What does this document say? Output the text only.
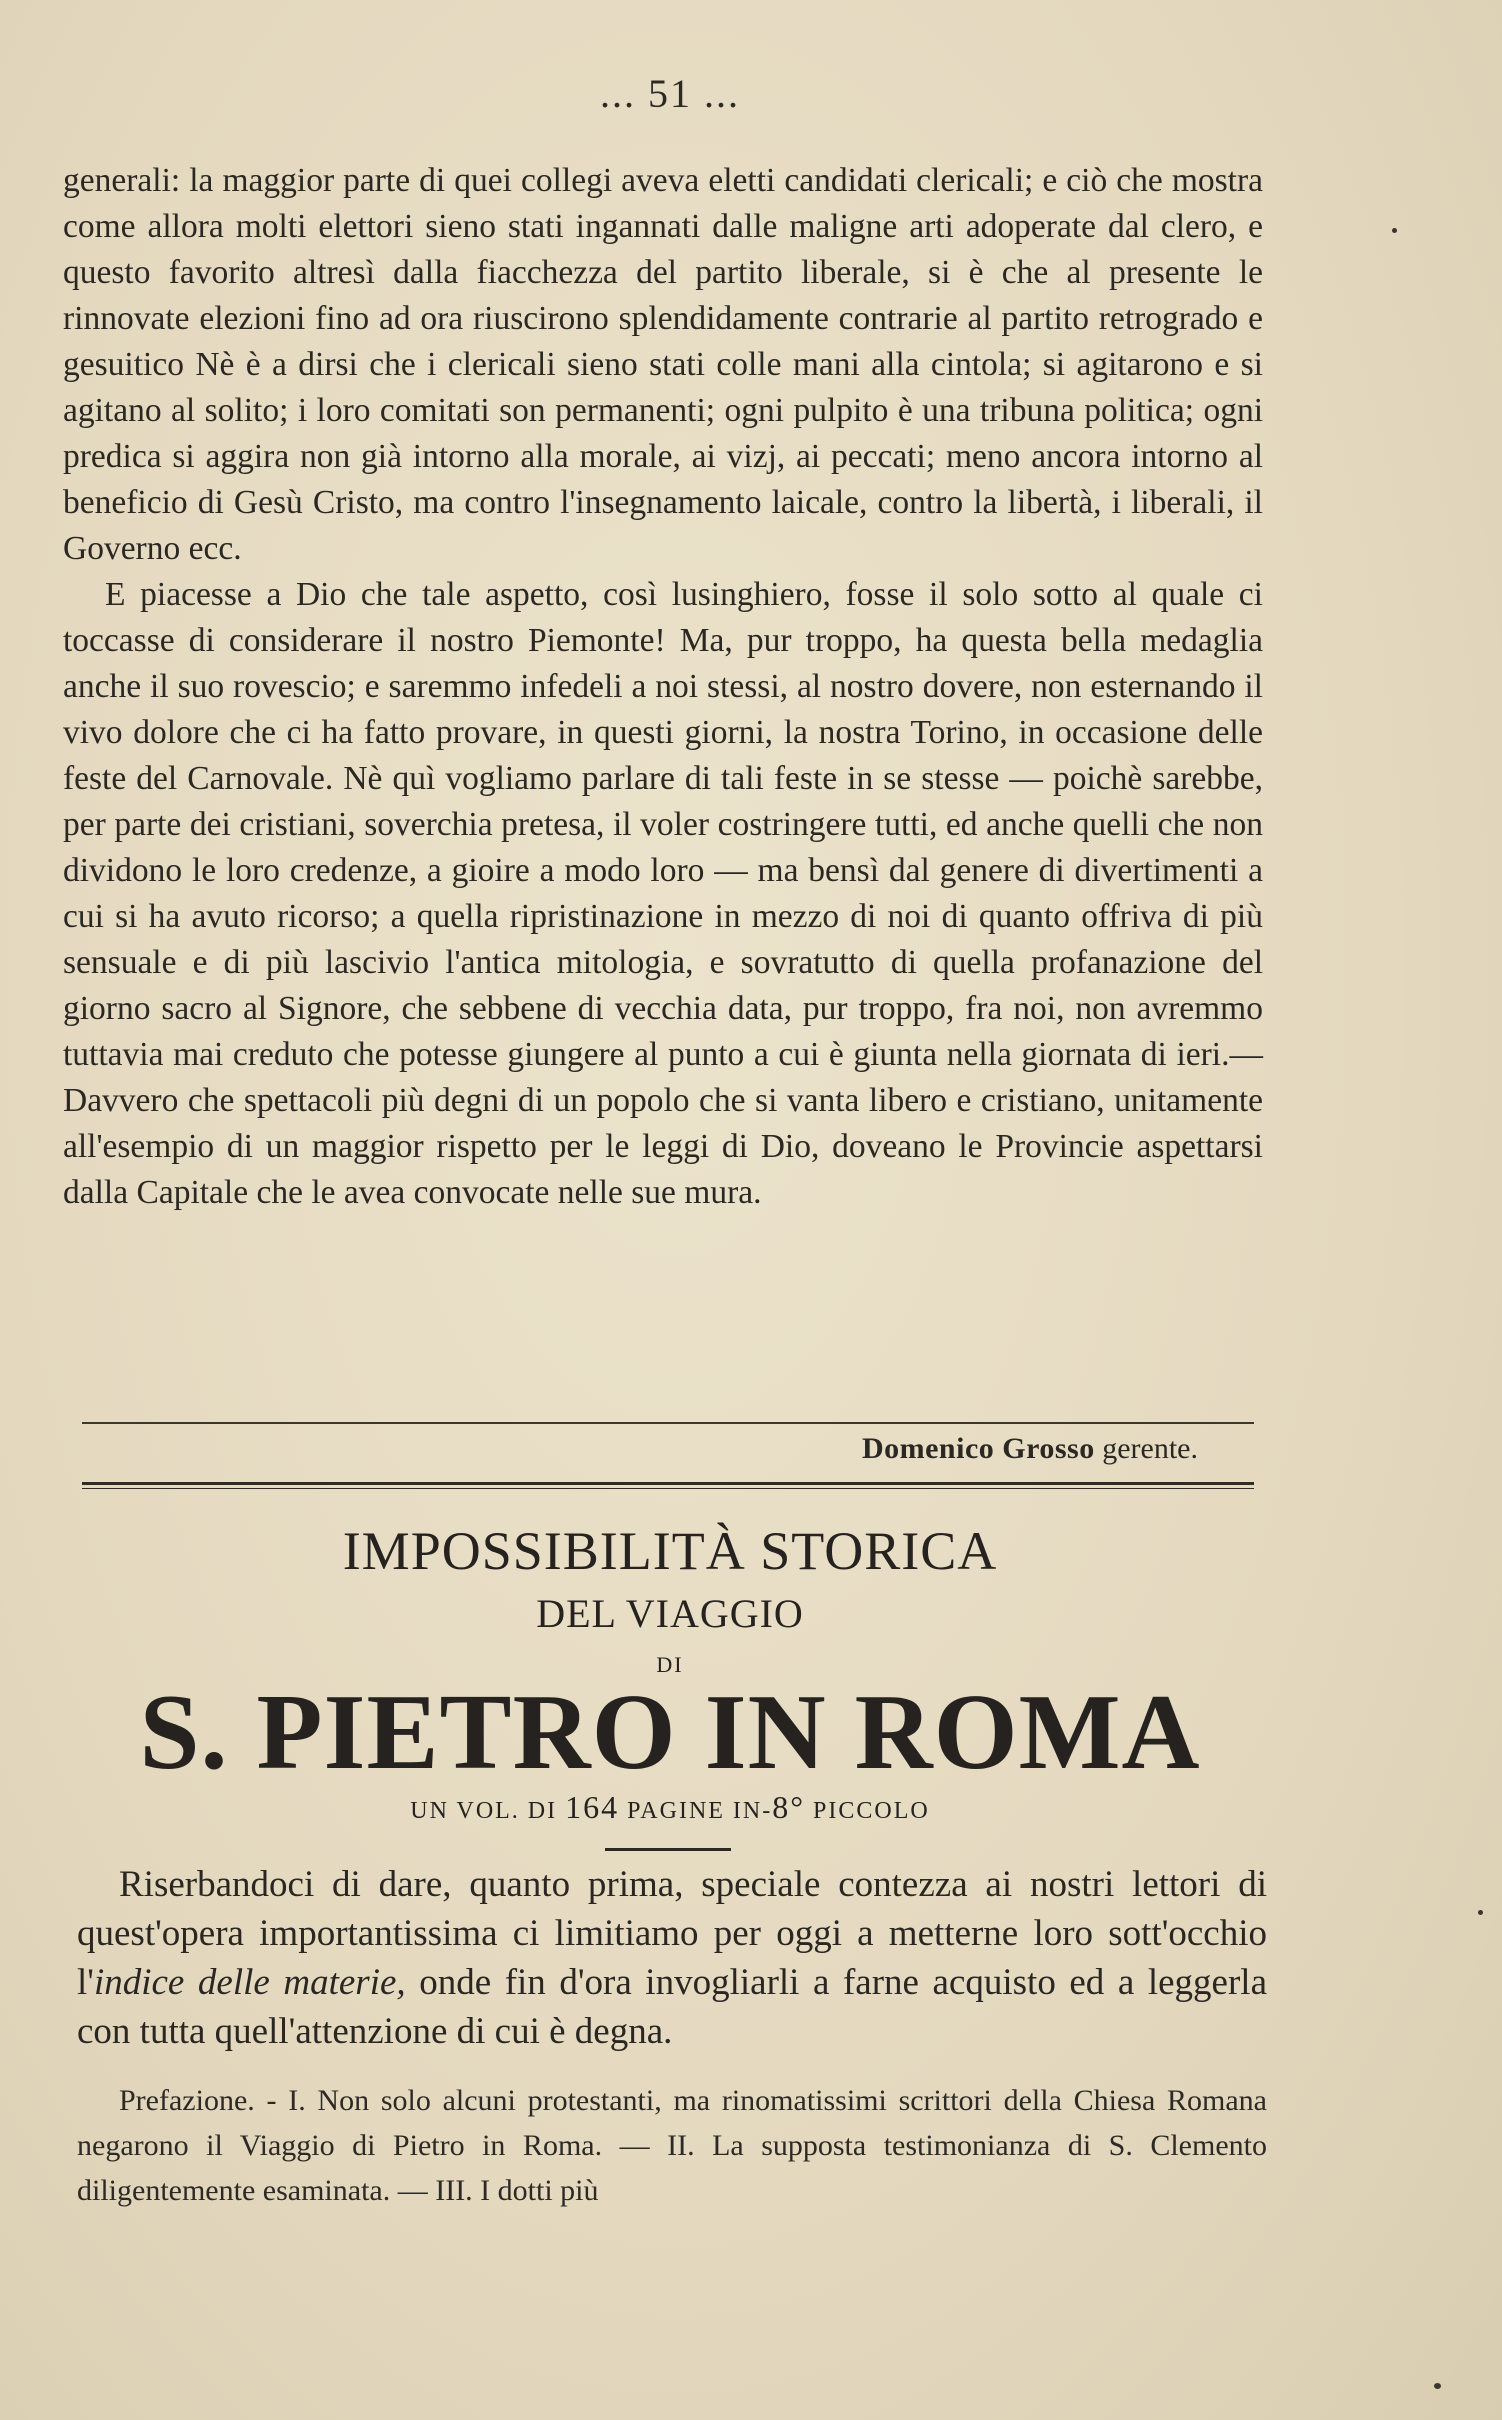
... 51 ...

generali: la maggior parte di quei collegi aveva eletti candidati clericali; e ciò che mostra come allora molti elettori sieno stati ingannati dalle maligne arti adoperate dal clero, e questo favorito altresì dalla fiacchezza del partito liberale, si è che al presente le rinnovate elezioni fino ad ora riuscirono splendidamente contrarie al partito retrogrado e gesuitico Nè è a dirsi che i clericali sieno stati colle mani alla cintola; si agitarono e si agitano al solito; i loro comitati son permanenti; ogni pulpito è una tribuna politica; ogni predica si aggira non già intorno alla morale, ai vizj, ai peccati; meno ancora intorno al beneficio di Gesù Cristo, ma contro l'insegnamento laicale, contro la libertà, i liberali, il Governo ecc.

E piacesse a Dio che tale aspetto, così lusinghiero, fosse il solo sotto al quale ci toccasse di considerare il nostro Piemonte! Ma, pur troppo, ha questa bella medaglia anche il suo rovescio; e saremmo infedeli a noi stessi, al nostro dovere, non esternando il vivo dolore che ci ha fatto provare, in questi giorni, la nostra Torino, in occasione delle feste del Carnovale. Nè quì vogliamo parlare di tali feste in se stesse — poichè sarebbe, per parte dei cristiani, soverchia pretesa, il voler costringere tutti, ed anche quelli che non dividono le loro credenze, a gioire a modo loro — ma bensì dal genere di divertimenti a cui si ha avuto ricorso; a quella ripristinazione in mezzo di noi di quanto offriva di più sensuale e di più lascivio l'antica mitologia, e sovratutto di quella profanazione del giorno sacro al Signore, che sebbene di vecchia data, pur troppo, fra noi, non avremmo tuttavia mai creduto che potesse giungere al punto a cui è giunta nella giornata di ieri.— Davvero che spettacoli più degni di un popolo che si vanta libero e cristiano, unitamente all'esempio di un maggior rispetto per le leggi di Dio, doveano le Provincie aspettarsi dalla Capitale che le avea convocate nelle sue mura.

Domenico Grosso gerente.
IMPOSSIBILITÀ STORICA
DEL VIAGGIO
DI
S. PIETRO IN ROMA
UN VOL. DI 164 PAGINE IN-8° PICCOLO

Riserbandoci di dare, quanto prima, speciale contezza ai nostri lettori di quest'opera importantissima ci limitiamo per oggi a metterne loro sott'occhio l'indice delle materie, onde fin d'ora invogliarli a farne acquisto ed a leggerla con tutta quell'attenzione di cui è degna.

Prefazione. - I. Non solo alcuni protestanti, ma rinomatissimi scrittori della Chiesa Romana negarono il Viaggio di Pietro in Roma. — II. La supposta testimonianza di S. Clemento diligentemente esaminata. — III. I dotti più
